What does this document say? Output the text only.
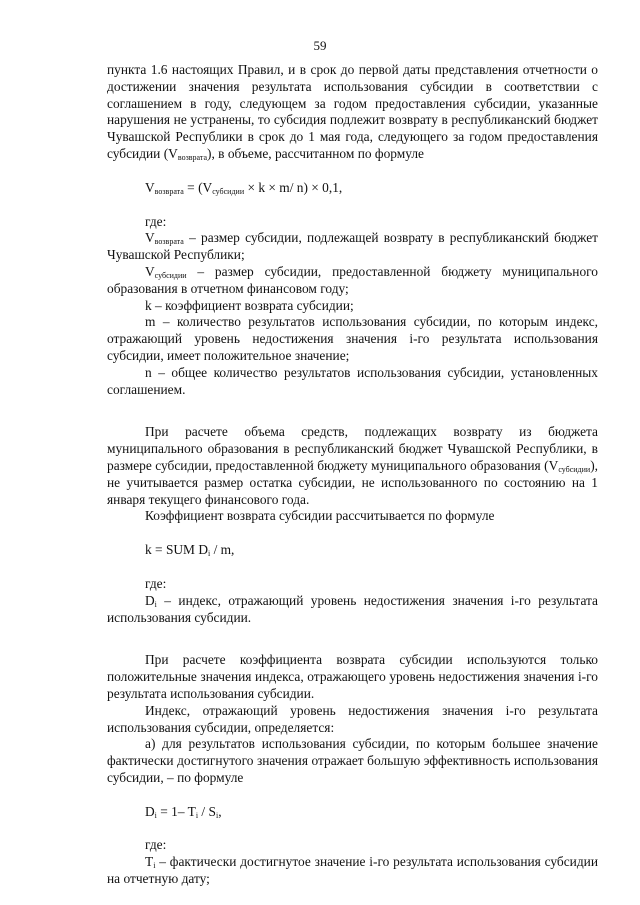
59

пункта 1.6 настоящих Правил, и в срок до первой даты представления отчетности о достижении значения результата использования субсидии в соответствии с соглашением в году, следующем за годом предоставления субсидии, указанные нарушения не устранены, то субсидия подлежит возврату в республиканский бюджет Чувашской Республики в срок до 1 мая года, следующего за годом предоставления субсидии $(V_{возврата})$, в объеме, рассчитанном по формуле

$V_{возврата} = (V_{субсидии} \times k \times m/$ n) × 0,1,

где:

$V_{возврата}$ – размер субсидии, подлежащей возврату в республиканский бюджет Чувашской Республики;

$V_{субсидии}$ – размер субсидии, предоставленной бюджету муниципального образования в отчетном финансовом году;

k – коэффициент возврата субсидии;

m – количество результатов использования субсидии, по которым индекс, отражающий уровень недостижения значения i-го результата использования субсидии, имеет положительное значение;

n – общее количество результатов использования субсидии, установленных соглашением.

При расчете объема средств, подлежащих возврату из бюджета муниципального образования в республиканский бюджет Чувашской Республики, в размере субсидии, предоставленной бюджету муниципального образования $(V_{субсидии})$, не учитывается размер остатка субсидии, не использованного по состоянию на 1 января текущего финансового года.

Коэффициент возврата субсидии рассчитывается по формуле

k = SUM $D_i$ / m,

где:

$D_i$ – индекс, отражающий уровень недостижения значения i-го результата использования субсидии.

При расчете коэффициента возврата субсидии используются только положительные значения индекса, отражающего уровень недостижения значения i-го результата использования субсидии.

Индекс, отражающий уровень недостижения значения i-го результата использования субсидии, определяется:

а) для результатов использования субсидии, по которым большее значение фактически достигнутого значения отражает большую эффективность использования субсидии, – по формуле

$D_i = 1-$ $T_i / S_i$,

где:

$T_i$ – фактически достигнутое значение i-го результата использования субсидии на отчетную дату;
